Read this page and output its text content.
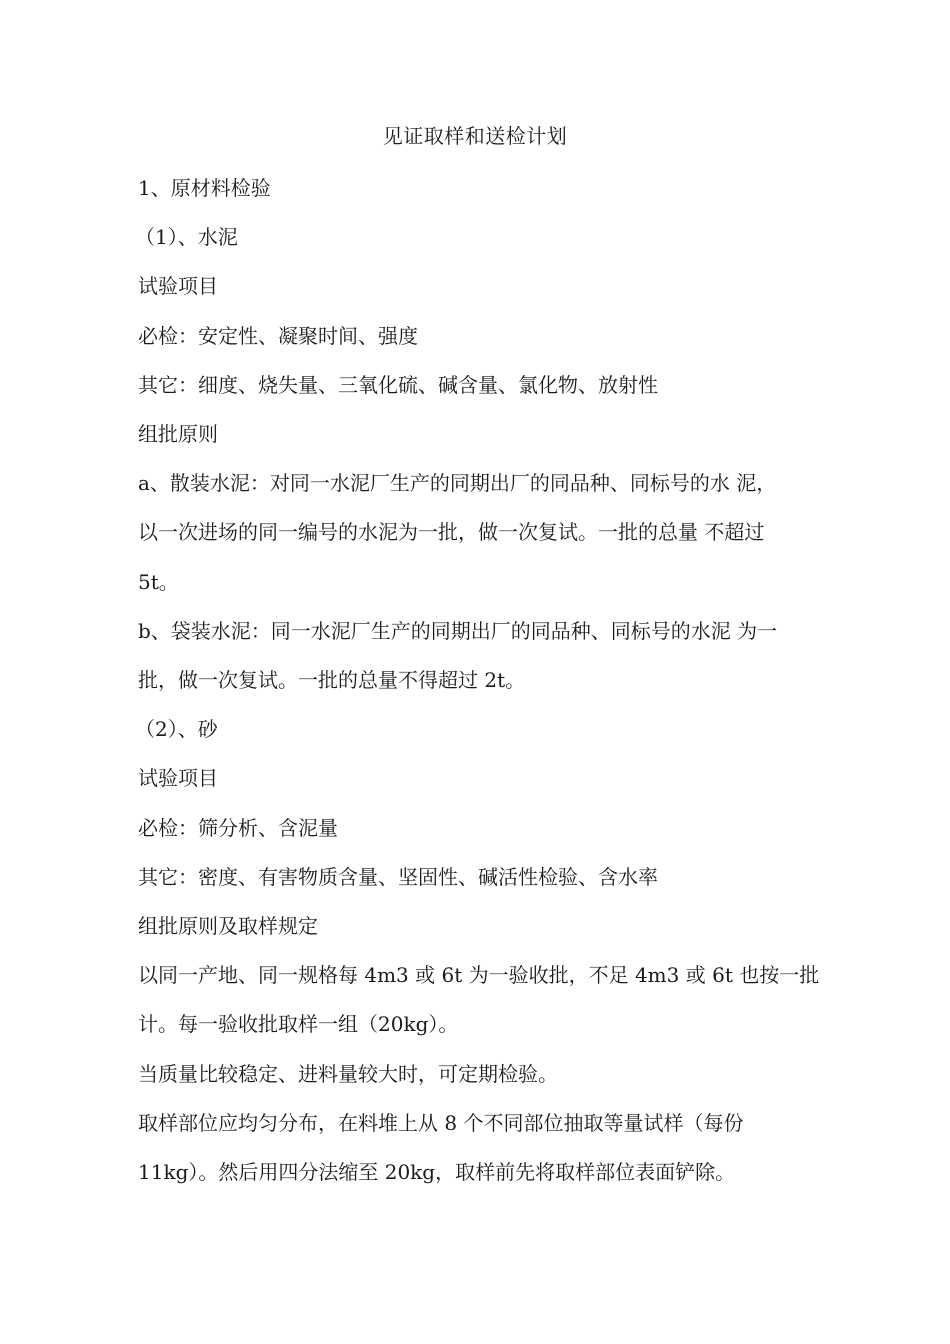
见证取样和送检计划

1、原材料检验

（1）、水泥

试验项目

必检：安定性、凝聚时间、强度

其它：细度、烧失量、三氧化硫、碱含量、氯化物、放射性

组批原则

a、散装水泥：对同一水泥厂生产的同期出厂的同品种、同标号的水 泥，

以一次进场的同一编号的水泥为一批，做一次复试。一批的总量 不超过

5t。

b、袋装水泥：同一水泥厂生产的同期出厂的同品种、同标号的水泥 为一

批，做一次复试。一批的总量不得超过 2t。

（2）、砂

试验项目

必检：筛分析、含泥量

其它：密度、有害物质含量、坚固性、碱活性检验、含水率

组批原则及取样规定

以同一产地、同一规格每 4m3 或 6t 为一验收批，不足 4m3 或 6t 也按一批

计。每一验收批取样一组（20kg）。

当质量比较稳定、进料量较大时，可定期检验。

取样部位应均匀分布，在料堆上从 8 个不同部位抽取等量试样（每份

11kg）。然后用四分法缩至 20kg，取样前先将取样部位表面铲除。
